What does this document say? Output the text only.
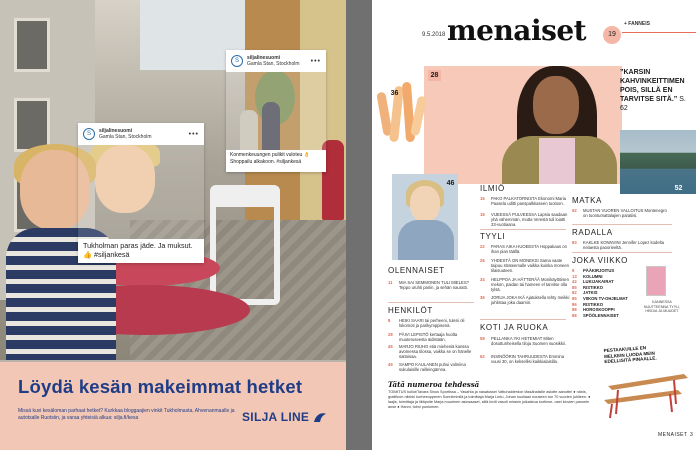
S	siljalinesuomi
Gamla Stan, Stockholm	•••
Konmenkeuungen pulikit vuloteu 👌 Shoppailu alkakoon. #siljankesä
S	siljalinesuomi
Gamla Stan, Stockholm	•••
Tukholman paras jäde. Ja muksut. 👍 #siljankesä
Löydä kesän makeimmat hetket
Missä kuvi kesäloman parhaat hetket? Kurkkaa bloggaajien vinkit Tukholmasta, Ahvenanmaalle ja autotsalle Ruotsiin, ja varaa yhteisiä alkua: silja.fi/kesa	SILJA LINE
9.5.2018 menaiset	19
+ FANNEIS
28
36
”KARSIN KAHVINKEITTIMEN POIS, SILLÄ EN TARVITSE SITÄ.” S. 62
52
46
ILMIÖ
16	PAKO PALKATORNISTA Ekonomi Maria Paasela uditti panspalkkaseen tuotoon.
18	VIJEESSÄ PULVEESSA Lapsia saadaan yhä vähemmän, mutta Verestä tuli loiatti 33-vuotiaana.
TYYLI
22	PARAS AIKA HUOEESTA Hoppakaus on ihan pian täällä.
26	YHDESTÄ ON MONEKSI Sama vaate taipuu strateemalle vaikka kuinka moneen tilaisuuteen.
34	HELPPOA JA HÄTTERÄÄ Monikäyttöisen mekon, paidan tai hameen el tarvitse olla tylsä.
36	JORIJA JOKA IKÄ Ajatuksella tehty meikki juhlistaa joka daamin.
KOTI JA RUOKA
58	PELLANKA YKI HETEMIAT Miten dosuttunheisella tiloja Suomen suosikkii.
62	INSINÖÖRIN TAHRUUDESTA Emmina vuusi 30, on keksellisi kaikkialaisilla.
OLENNAISET
11	MIA SAI SEMMONEN TULI MIELES? Teppo uruhti pariin, ja sehän nauratti.
HENKILÖT
8	HEIKI SAARI tai perheeni, tuleni oli lokomoti ja parikymppisenä.
28	PÄIVI LEPISTÖ kertaaja huolta muuteruseesta äidistään.
46	MARJO RIUHO etiä mieheniä kanssa avomessa tilossa, vaikka se on hänelle sattoisaa.
49	SAMPO KAULANEN puhui valmiina sukulaisille railleingämna.
MATKA
52	MUSTAN VUOREN VALLOITUS Montenegro on tuontumattalajien paratiisi.
RADALLA
83	KAKLKE KONNVINI Jennifer Lopez kodelta nelaesta paoorieeltä.
JOKA VIIKKO
9	PÄÄKIRJOITUS
13	KOLUMNI
42	LUKIJAKAIRAT
85	RISTIKKO
82	JATKIS
85	VIIKON TV-OHJELMAT
86	RISTIKKO
88	HOROSKOOPPI
88	SPÖÖLENNAISET
KANNESSA NUUTTEENNA TYYLI, HEIDIA JA MUUDET
PESTAAKUILLE EN MELKEIN LUODA MEIN EDELLISITÄ PINAALLE.
Tätä numeroa tehdessä
TOIMITUS kollot/Tavara Sinus Sportissa – Yasahta ja nasatussei Vattuhalderdon tässänaisille asiotte aanotte! ● nänis, gratificon nilekki korheeopperen Sonniimmilä ja toimittaja Marja Lintu, Johan kuullaan nouseen ton 70 vuoden juhileen. ● laajis, toimittaja ja liitäpolte Marja muurinen asiosaaset, sillä kiviit vasoit mirasin julkaistua kortinse- oset kiovien panoele anse ● Hanni, tolmi ponlomen.
MENAISET 3
